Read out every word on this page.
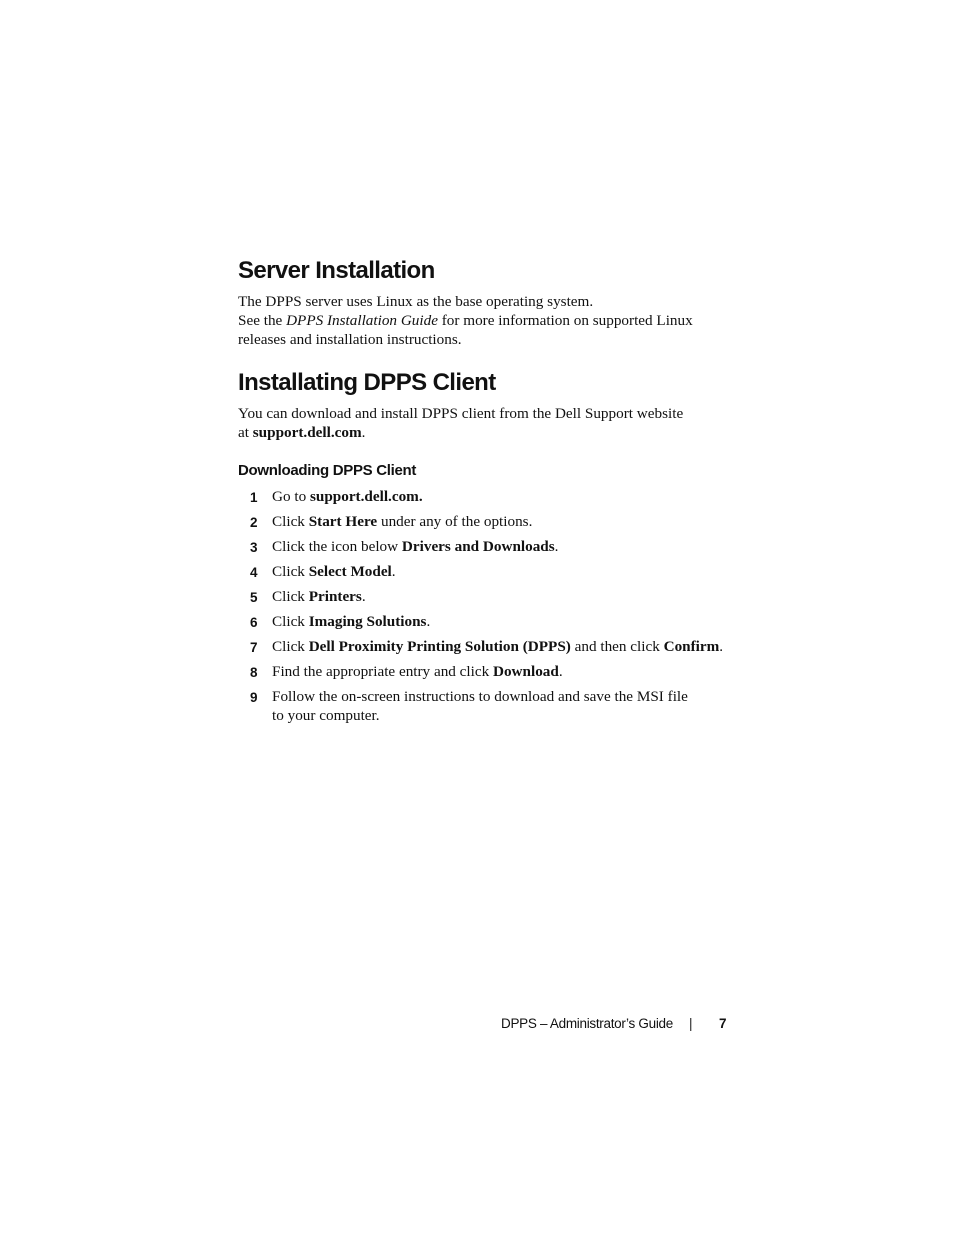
Server Installation
The DPPS server uses Linux as the base operating system.
See the DPPS Installation Guide for more information on supported Linux
releases and installation instructions.
Installating DPPS Client
You can download and install DPPS client from the Dell Support website
at support.dell.com.
Downloading DPPS Client
1 Go to support.dell.com.
2 Click Start Here under any of the options.
3 Click the icon below Drivers and Downloads.
4 Click Select Model.
5 Click Printers.
6 Click Imaging Solutions.
7 Click Dell Proximity Printing Solution (DPPS) and then click Confirm.
8 Find the appropriate entry and click Download.
9 Follow the on-screen instructions to download and save the MSI file
to your computer.
DPPS – Administrator’s Guide | 7
